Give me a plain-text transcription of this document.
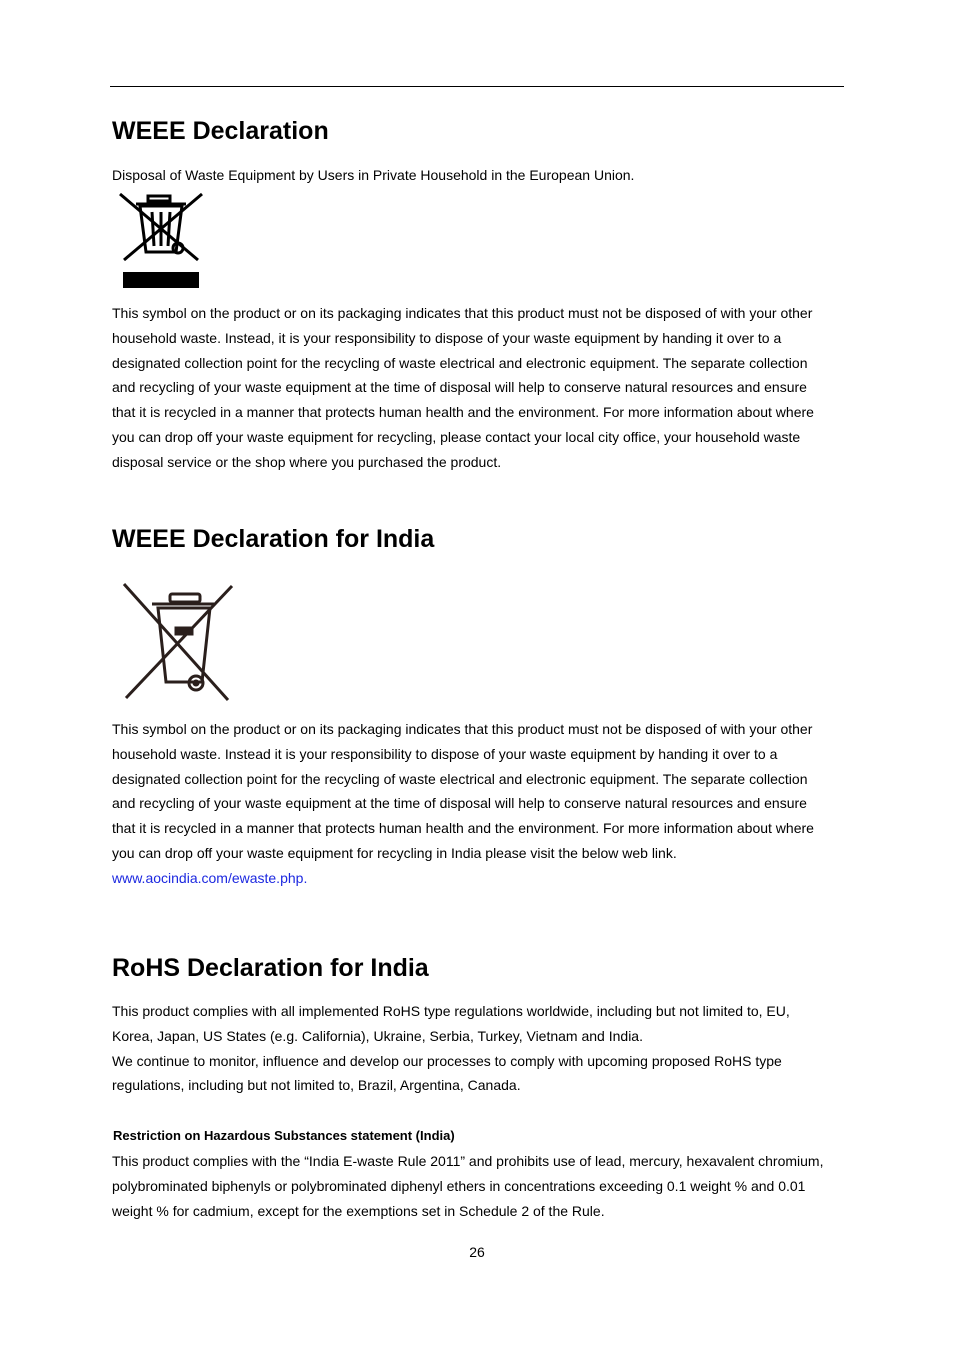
WEEE Declaration

Disposal of Waste Equipment by Users in Private Household in the European Union.

This symbol on the product or on its packaging indicates that this product must not be disposed of with your other
household waste. Instead, it is your responsibility to dispose of your waste equipment by handing it over to a
designated collection point for the recycling of waste electrical and electronic equipment. The separate collection
and recycling of your waste equipment at the time of disposal will help to conserve natural resources and ensure
that it is recycled in a manner that protects human health and the environment. For more information about where
you can drop off your waste equipment for recycling, please contact your local city office, your household waste
disposal service or the shop where you purchased the product.

WEEE Declaration for India

This symbol on the product or on its packaging indicates that this product must not be disposed of with your other
household waste. Instead it is your responsibility to dispose of your waste equipment by handing it over to a
designated collection point for the recycling of waste electrical and electronic equipment. The separate collection
and recycling of your waste equipment at the time of disposal will help to conserve natural resources and ensure
that it is recycled in a manner that protects human health and the environment. For more information about where
you can drop off your waste equipment for recycling in India please visit the below web link.
www.aocindia.com/ewaste.php.

RoHS Declaration for India

This product complies with all implemented RoHS type regulations worldwide, including but not limited to, EU,
Korea, Japan, US States (e.g. California), Ukraine, Serbia, Turkey, Vietnam and India.
We continue to monitor, influence and develop our processes to comply with upcoming proposed RoHS type
regulations, including but not limited to, Brazil, Argentina, Canada.

Restriction on Hazardous Substances statement (India)

This product complies with the “India E-waste Rule 2011” and prohibits use of lead, mercury, hexavalent chromium,
polybrominated biphenyls or polybrominated diphenyl ethers in concentrations exceeding 0.1 weight % and 0.01
weight % for cadmium, except for the exemptions set in Schedule 2 of the Rule.

26
